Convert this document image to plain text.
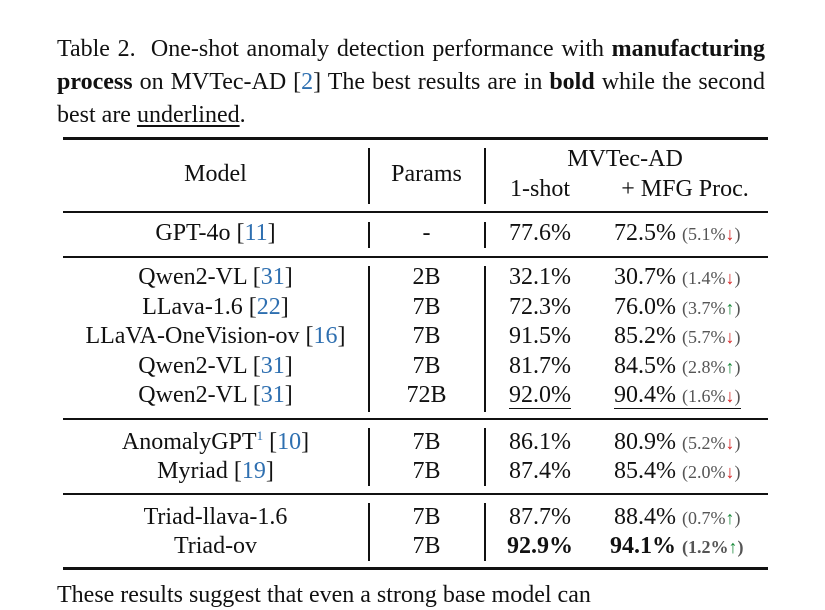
Table 2. One-shot anomaly detection performance with manufacturing process on MVTec-AD [2] The best results are in bold while the second best are underlined.
Model	Params
MVTec-AD
1-shot	+ MFG Proc.
GPT-4o [11]	-	77.6%	72.5% (5.1%↓)
Qwen2-VL [31]	2B	32.1%	30.7% (1.4%↓)
LLava-1.6 [22]	7B	72.3%	76.0% (3.7%↑)
LLaVA-OneVision-ov [16]	7B	91.5%	85.2% (5.7%↓)
Qwen2-VL [31]	7B	81.7%	84.5% (2.8%↑)
Qwen2-VL [31]	72B	92.0%	90.4% (1.6%↓)
AnomalyGPT$^1$ [10]	7B	86.1%	80.9% (5.2%↓)
Myriad [19]	7B	87.4%	85.4% (2.0%↓)
Triad-llava-1.6	7B	87.7%	88.4% (0.7%↑)
Triad-ov	7B	92.9%	94.1% (1.2%↑)
These results suggest that even a strong base model can
